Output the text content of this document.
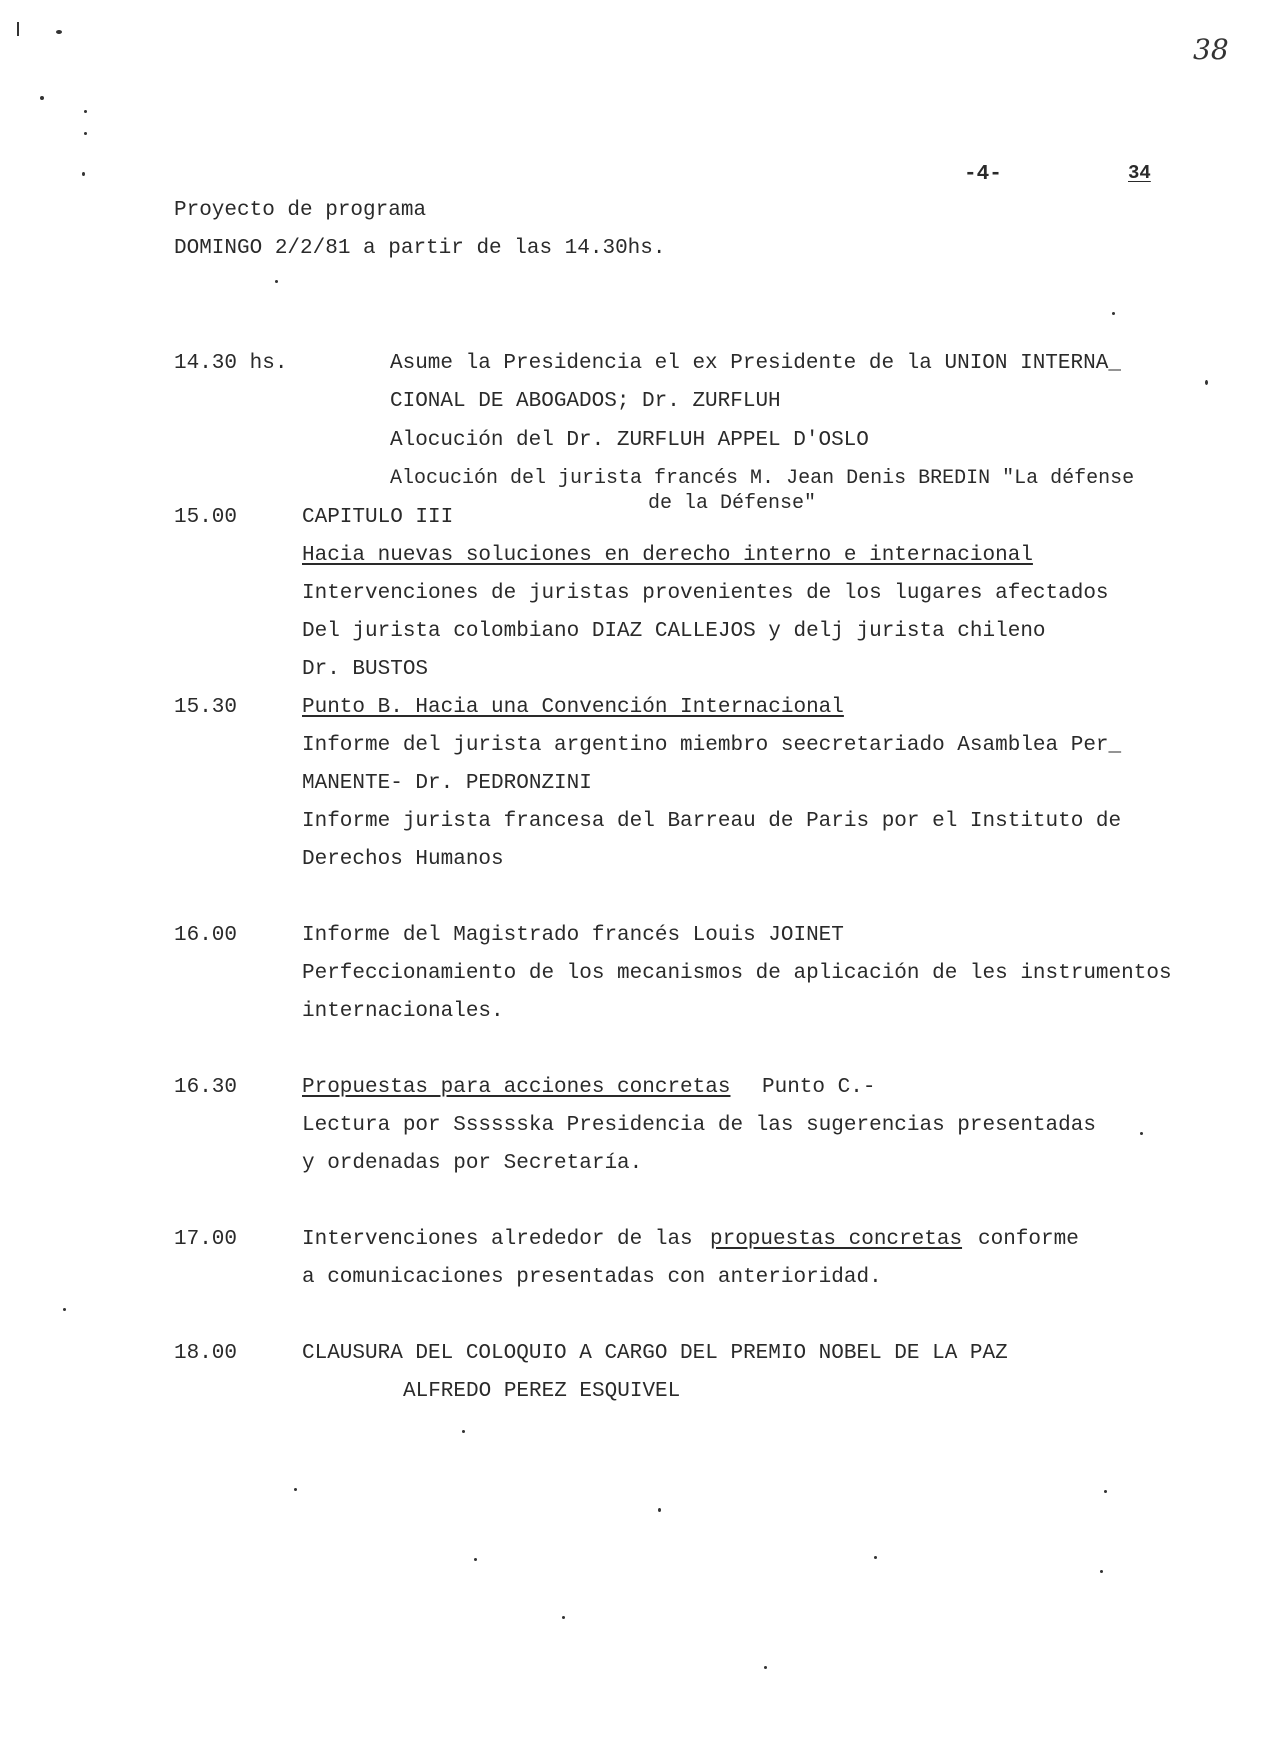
38
-4-	34
Proyecto de programa
DOMINGO 2/2/81 a partir de las 14.30hs.
14.30 hs.	Asume la Presidencia el ex Presidente de la UNION INTERNA_
CIONAL DE ABOGADOS; Dr. ZURFLUH
Alocución del Dr. ZURFLUH APPEL D'OSLO
Alocución del jurista francés M. Jean Denis BREDIN "La défense
de la Défense"
15.00	CAPITULO III
Hacia nuevas soluciones en derecho interno e internacional
Intervenciones de juristas provenientes de los lugares afectados
Del jurista colombiano DIAZ CALLEJOS y delj jurista chileno
Dr. BUSTOS
15.30	Punto B. Hacia una Convención Internacional
Informe del jurista argentino miembro seecretariado Asamblea Per_
MANENTE- Dr. PEDRONZINI
Informe jurista francesa del Barreau de Paris por el Instituto de
Derechos Humanos
16.00	Informe del Magistrado francés Louis JOINET
Perfeccionamiento de los mecanismos de aplicación de les instrumentos
internacionales.
16.30	Propuestas para acciones concretas Punto C.-
Lectura por Sssssska Presidencia de las sugerencias presentadas
y ordenadas por Secretaría.
17.00	Intervenciones alrededor de las propuestas concretas conforme
a comunicaciones presentadas con anterioridad.
18.00	CLAUSURA DEL COLOQUIO A CARGO DEL PREMIO NOBEL DE LA PAZ
ALFREDO PEREZ ESQUIVEL
